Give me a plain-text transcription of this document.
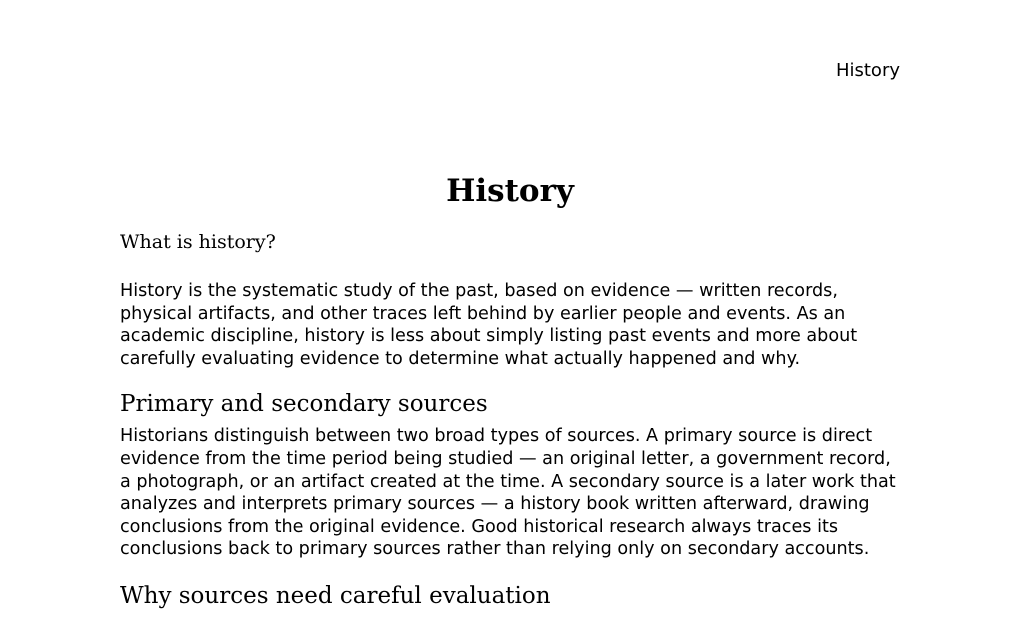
History
History
What is history?

History is the systematic study of the past, based on evidence — written records, physical artifacts, and other traces left behind by earlier people and events. As an academic discipline, history is less about simply listing past events and more about carefully evaluating evidence to determine what actually happened and why.

Primary and secondary sources

Historians distinguish between two broad types of sources. A primary source is direct evidence from the time period being studied — an original letter, a government record, a photograph, or an artifact created at the time. A secondary source is a later work that analyzes and interprets primary sources — a history book written afterward, drawing conclusions from the original evidence. Good historical research always traces its conclusions back to primary sources rather than relying only on secondary accounts.

Why sources need careful evaluation
